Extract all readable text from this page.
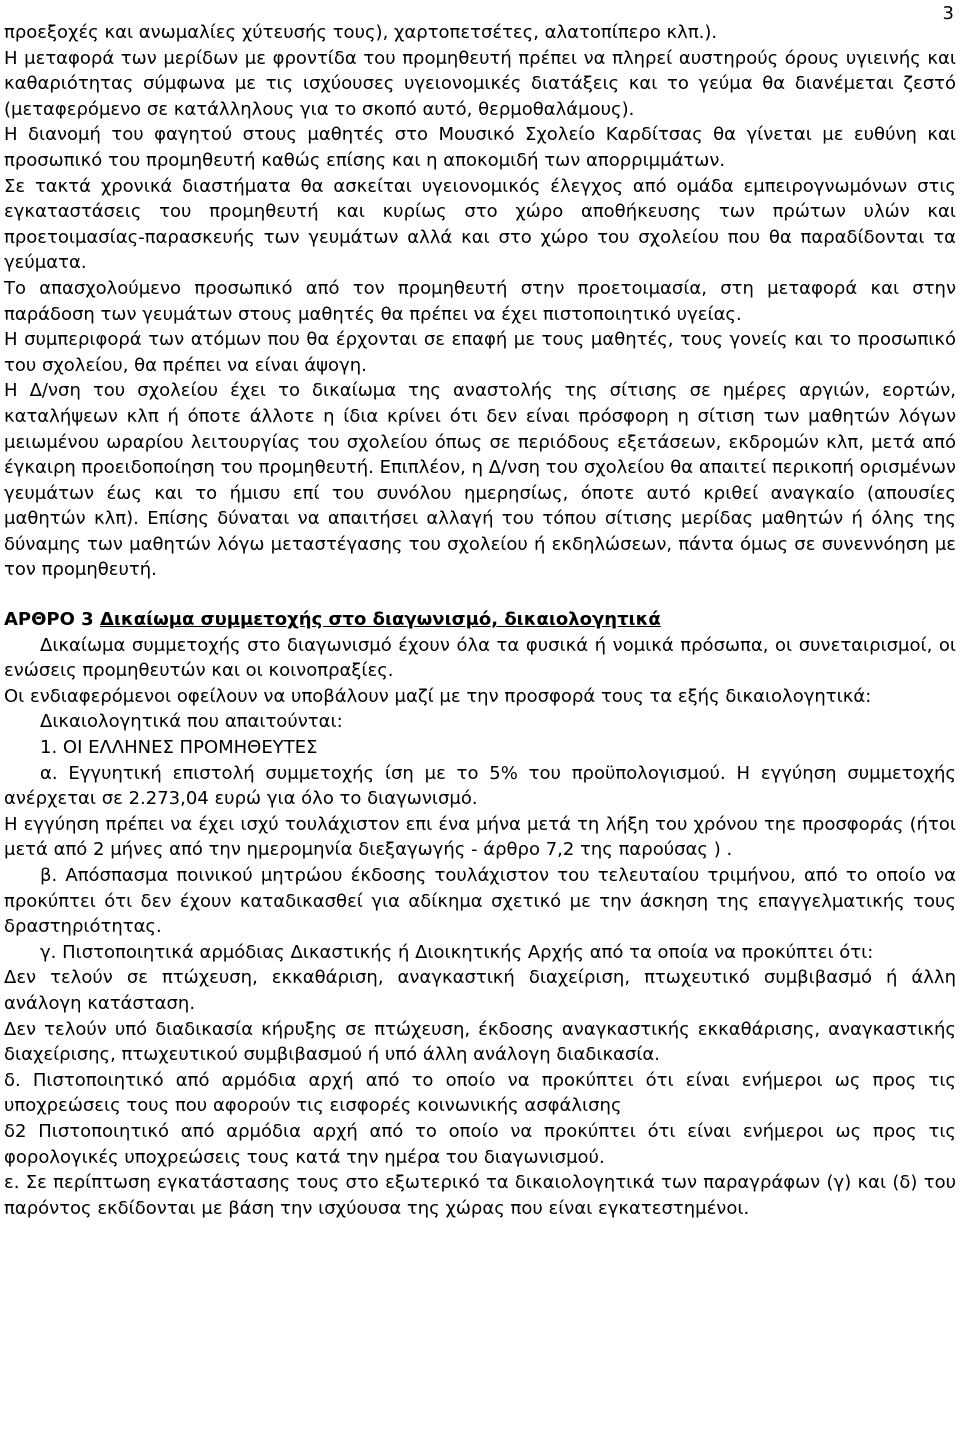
3

προεξοχές και ανωμαλίες χύτευσής τους), χαρτοπετσέτες, αλατοπίπερο κλπ.).

Η μεταφορά των μερίδων με φροντίδα του προμηθευτή πρέπει να πληρεί αυστηρούς όρους υγιεινής και καθαριότητας σύμφωνα με τις ισχύουσες υγειονομικές διατάξεις και το γεύμα θα διανέμεται ζεστό (μεταφερόμενο σε κατάλληλους για το σκοπό αυτό, θερμοθαλάμους).

Η διανομή του φαγητού στους μαθητές στο Μουσικό Σχολείο Καρδίτσας θα γίνεται με ευθύνη και προσωπικό του προμηθευτή καθώς επίσης και η αποκομιδή των απορριμμάτων.

Σε τακτά χρονικά διαστήματα θα ασκείται υγειονομικός έλεγχος από ομάδα εμπειρογνωμόνων στις εγκαταστάσεις του προμηθευτή και κυρίως στο χώρο αποθήκευσης των πρώτων υλών και προετοιμασίας-παρασκευής των γευμάτων αλλά και στο χώρο του σχολείου που θα παραδίδονται τα γεύματα.

Το απασχολούμενο προσωπικό από τον προμηθευτή στην προετοιμασία, στη μεταφορά και στην παράδοση των γευμάτων στους μαθητές θα πρέπει να έχει πιστοποιητικό υγείας.

Η συμπεριφορά των ατόμων που θα έρχονται σε επαφή με τους μαθητές, τους γονείς και το προσωπικό του σχολείου, θα πρέπει να είναι άψογη.

Η Δ/νση του σχολείου έχει το δικαίωμα της αναστολής της σίτισης σε ημέρες αργιών, εορτών, καταλήψεων κλπ ή όποτε άλλοτε η ίδια κρίνει ότι δεν είναι πρόσφορη η σίτιση των μαθητών λόγων μειωμένου ωραρίου λειτουργίας του σχολείου όπως σε περιόδους εξετάσεων, εκδρομών κλπ, μετά από έγκαιρη προειδοποίηση του προμηθευτή. Επιπλέον, η Δ/νση του σχολείου θα απαιτεί περικοπή ορισμένων γευμάτων έως και το ήμισυ επί του συνόλου ημερησίως, όποτε αυτό κριθεί αναγκαίο (απουσίες μαθητών κλπ). Επίσης δύναται να απαιτήσει αλλαγή του τόπου σίτισης μερίδας μαθητών ή όλης της δύναμης των μαθητών λόγω μεταστέγασης του σχολείου ή εκδηλώσεων, πάντα όμως σε συνεννόηση με τον προμηθευτή.

ΑΡΘΡΟ 3 Δικαίωμα συμμετοχής στο διαγωνισμό, δικαιολογητικά

Δικαίωμα συμμετοχής στο διαγωνισμό έχουν όλα τα φυσικά ή νομικά πρόσωπα, οι συνεταιρισμοί, οι ενώσεις προμηθευτών και οι κοινοπραξίες.

Οι ενδιαφερόμενοι οφείλουν να υποβάλουν μαζί με την προσφορά τους τα εξής δικαιολογητικά:

Δικαιολογητικά που απαιτούνται:

1. ΟΙ ΕΛΛΗΝΕΣ ΠΡΟΜΗΘΕΥΤΕΣ

α. Εγγυητική επιστολή συμμετοχής ίση με το 5% του προϋπολογισμού. Η εγγύηση συμμετοχής ανέρχεται σε 2.273,04 ευρώ για όλο το διαγωνισμό.

Η εγγύηση πρέπει να έχει ισχύ τουλάχιστον επι ένα μήνα μετά τη λήξη του χρόνου τηε προσφοράς (ήτοι μετά από 2 μήνες από την ημερομηνία διεξαγωγής - άρθρο 7,2 της παρούσας ) .

β. Απόσπασμα ποινικού μητρώου έκδοσης τουλάχιστον του τελευταίου τριμήνου, από το οποίο να προκύπτει ότι δεν έχουν καταδικασθεί για αδίκημα σχετικό με την άσκηση της επαγγελματικής τους δραστηριότητας.

γ. Πιστοποιητικά αρμόδιας Δικαστικής ή Διοικητικής Αρχής από τα οποία να προκύπτει ότι:

Δεν τελούν σε πτώχευση, εκκαθάριση, αναγκαστική διαχείριση, πτωχευτικό συμβιβασμό ή άλλη ανάλογη κατάσταση.

Δεν τελούν υπό διαδικασία κήρυξης σε πτώχευση, έκδοσης αναγκαστικής εκκαθάρισης, αναγκαστικής διαχείρισης, πτωχευτικού συμβιβασμού ή υπό άλλη ανάλογη διαδικασία.

δ. Πιστοποιητικό από αρμόδια αρχή από το οποίο να προκύπτει ότι είναι ενήμεροι ως προς τις υποχρεώσεις τους που αφορούν τις εισφορές κοινωνικής ασφάλισης

δ2 Πιστοποιητικό από αρμόδια αρχή από το οποίο να προκύπτει ότι είναι ενήμεροι ως προς τις φορολογικές υποχρεώσεις τους κατά την ημέρα του διαγωνισμού.

ε. Σε περίπτωση εγκατάστασης τους στο εξωτερικό τα δικαιολογητικά των παραγράφων (γ) και (δ) του παρόντος εκδίδονται με βάση την ισχύουσα της χώρας που είναι εγκατεστημένοι.
